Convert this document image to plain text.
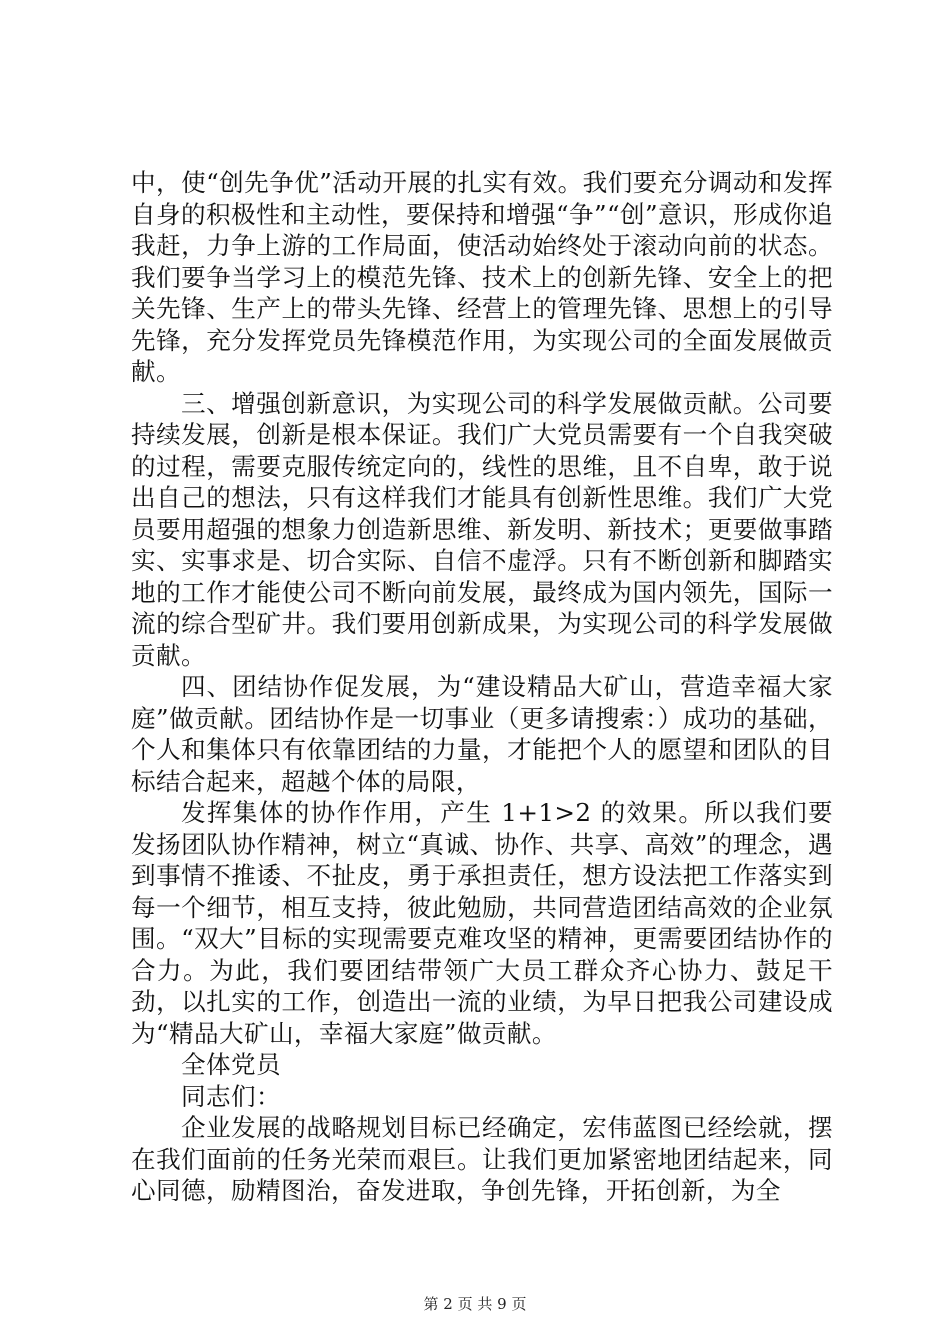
中，使“创先争优”活动开展的扎实有效。我们要充分调动和发挥自身的积极性和主动性，要保持和增强“争”“创”意识，形成你追我赶，力争上游的工作局面，使活动始终处于滚动向前的状态。我们要争当学习上的模范先锋、技术上的创新先锋、安全上的把关先锋、生产上的带头先锋、经营上的管理先锋、思想上的引导先锋，充分发挥党员先锋模范作用，为实现公司的全面发展做贡献。

三、增强创新意识，为实现公司的科学发展做贡献。公司要持续发展，创新是根本保证。我们广大党员需要有一个自我突破的过程，需要克服传统定向的，线性的思维，且不自卑，敢于说出自己的想法，只有这样我们才能具有创新性思维。我们广大党员要用超强的想象力创造新思维、新发明、新技术；更要做事踏实、实事求是、切合实际、自信不虚浮。只有不断创新和脚踏实地的工作才能使公司不断向前发展，最终成为国内领先，国际一流的综合型矿井。我们要用创新成果，为实现公司的科学发展做贡献。

四、团结协作促发展，为“建设精品大矿山，营造幸福大家庭”做贡献。团结协作是一切事业（更多请搜索：）成功的基础，个人和集体只有依靠团结的力量，才能把个人的愿望和团队的目标结合起来，超越个体的局限，

发挥集体的协作作用，产生 1+1>2 的效果。所以我们要发扬团队协作精神，树立“真诚、协作、共享、高效”的理念，遇到事情不推诿、不扯皮，勇于承担责任，想方设法把工作落实到每一个细节，相互支持，彼此勉励，共同营造团结高效的企业氛围。“双大”目标的实现需要克难攻坚的精神，更需要团结协作的合力。为此，我们要团结带领广大员工群众齐心协力、鼓足干劲，以扎实的工作，创造出一流的业绩，为早日把我公司建设成为“精品大矿山，幸福大家庭”做贡献。

全体党员

同志们：

企业发展的战略规划目标已经确定，宏伟蓝图已经绘就，摆在我们面前的任务光荣而艰巨。让我们更加紧密地团结起来，同心同德，励精图治，奋发进取，争创先锋，开拓创新，为全

第 2 页 共 9 页
